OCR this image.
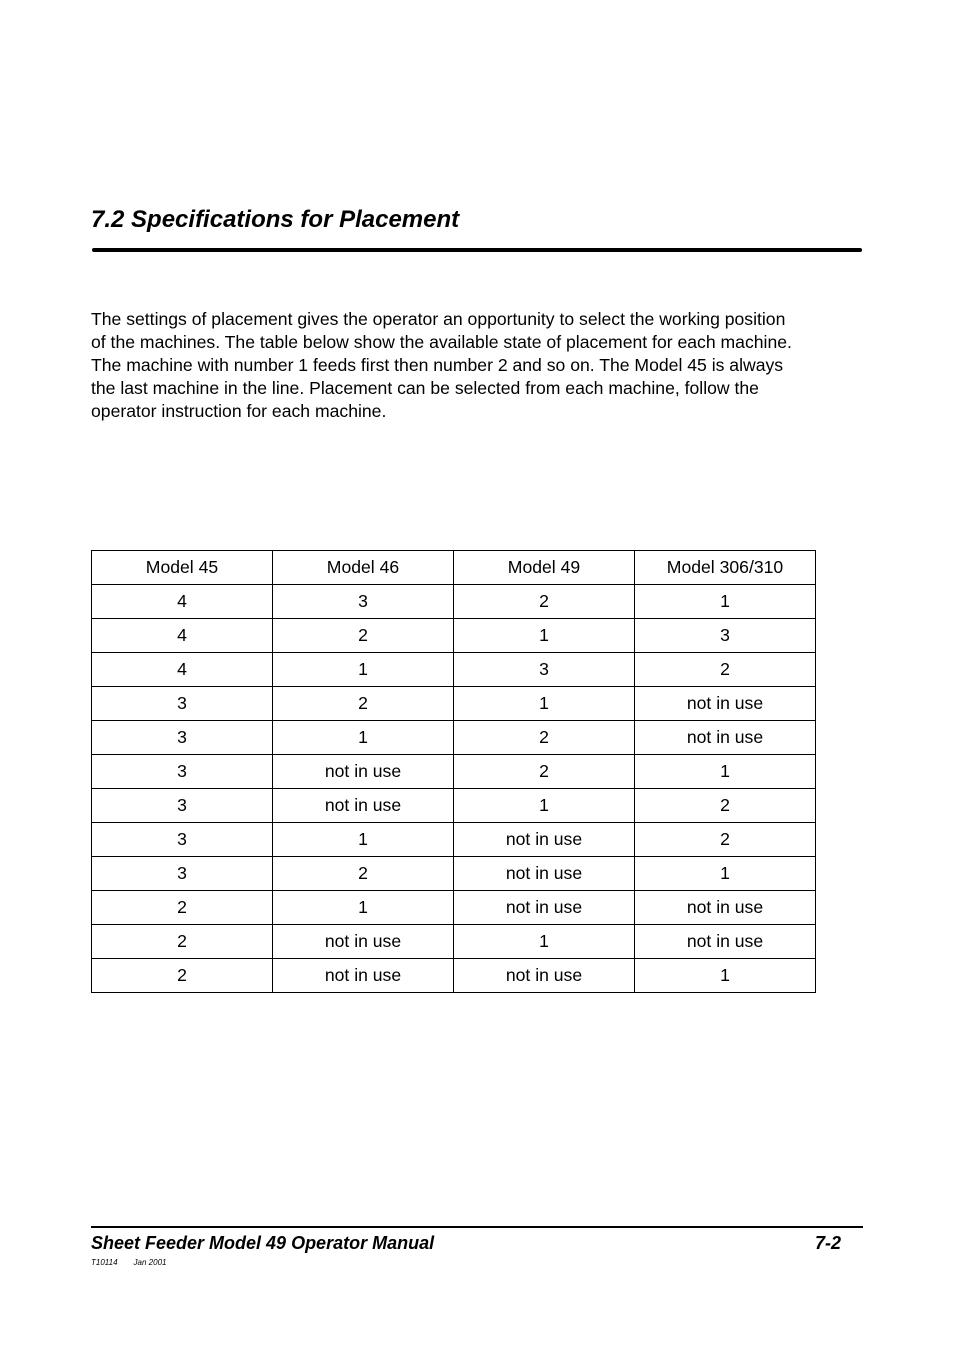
7.2 Specifications for Placement

The settings of placement gives the operator an opportunity to select the working position
of the machines. The table below show the available state of placement for each machine.
The machine with number 1 feeds first then number 2 and so on. The Model 45 is always
the last machine in the line. Placement can be selected from each machine, follow the
operator instruction for each machine.

Model 45	Model 46	Model 49	Model 306/310
4	3	2	1
4	2	1	3
4	1	3	2
3	2	1	not in use
3	1	2	not in use
3	not in use	2	1
3	not in use	1	2
3	1	not in use	2
3	2	not in use	1
2	1	not in use	not in use
2	not in use	1	not in use
2	not in use	not in use	1
Sheet Feeder Model 49 Operator Manual	7-2
T10114 Jan 2001
